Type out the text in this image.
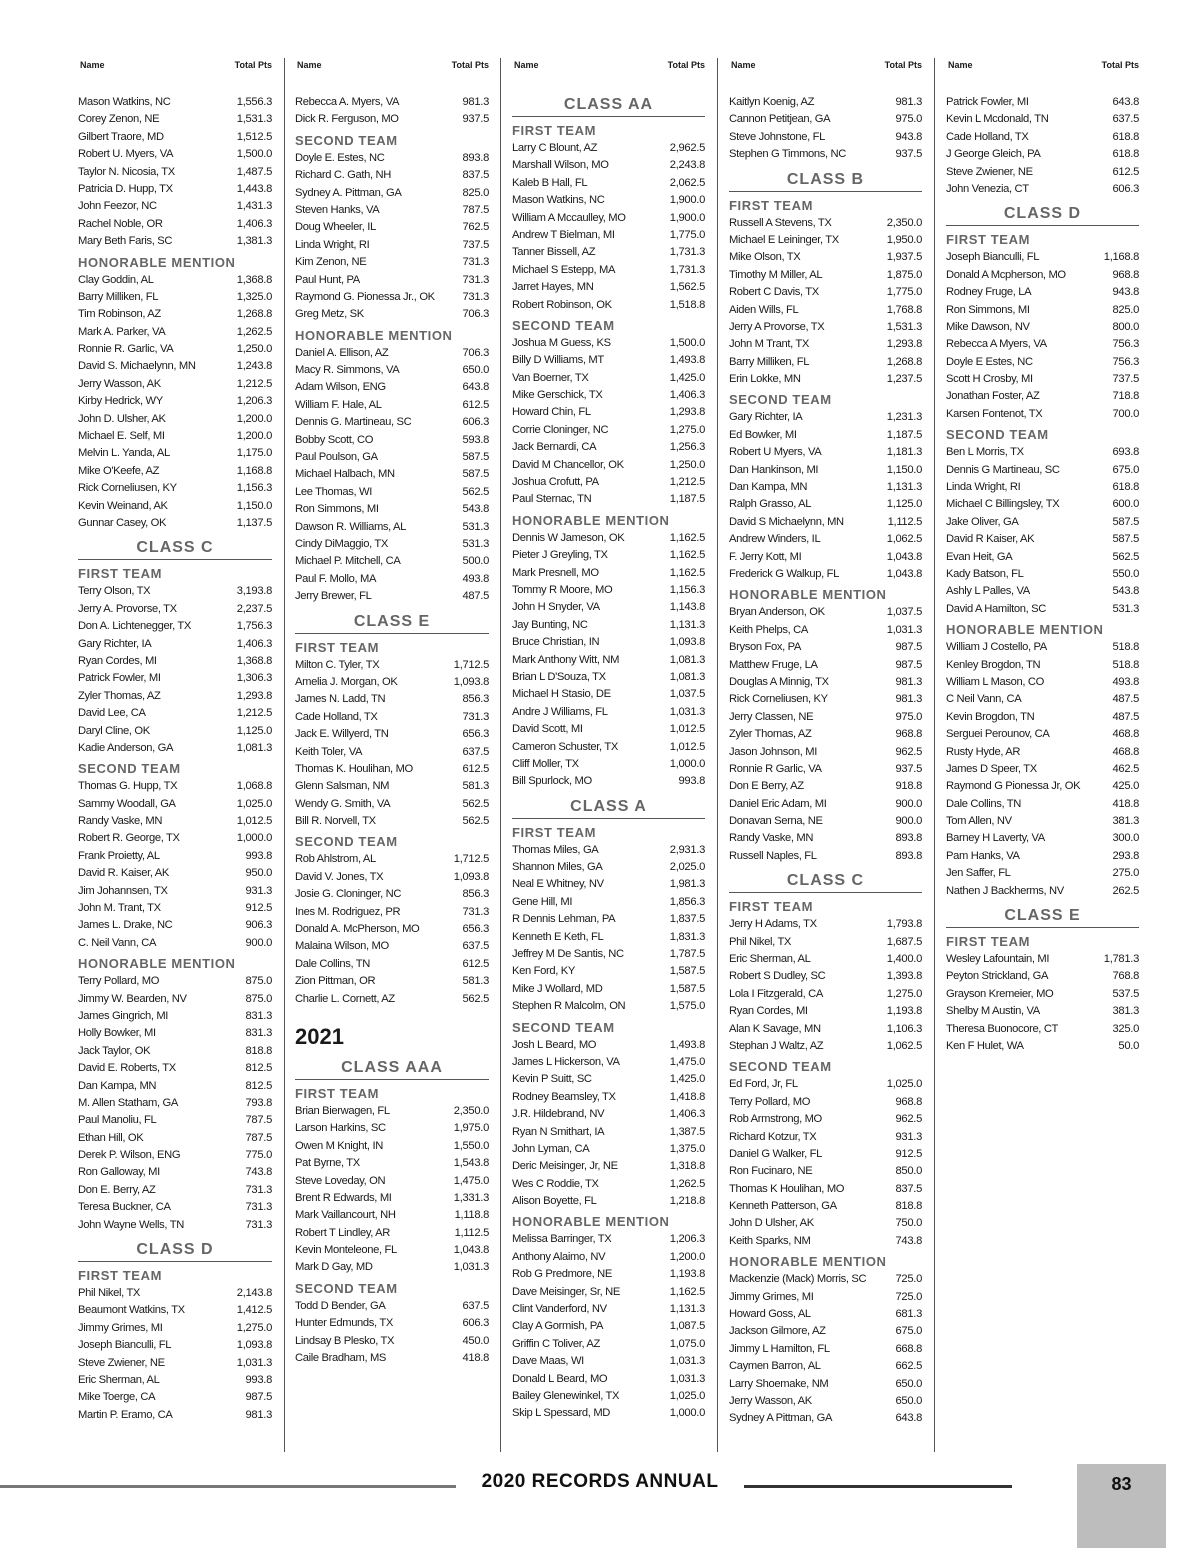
Name	Total Pts
Mason Watkins, NC	1,556.3
Corey Zenon, NE	1,531.3
Gilbert Traore, MD	1,512.5
Robert U. Myers, VA	1,500.0
Taylor N. Nicosia, TX	1,487.5
Patricia D. Hupp, TX	1,443.8
John Feezor, NC	1,431.3
Rachel Noble, OR	1,406.3
Mary Beth Faris, SC	1,381.3
HONORABLE MENTION
Clay Goddin, AL	1,368.8
Barry Milliken, FL	1,325.0
Tim Robinson, AZ	1,268.8
Mark A. Parker, VA	1,262.5
Ronnie R. Garlic, VA	1,250.0
David S. Michaelynn, MN	1,243.8
Jerry Wasson, AK	1,212.5
Kirby Hedrick, WY	1,206.3
John D. Ulsher, AK	1,200.0
Michael E. Self, MI	1,200.0
Melvin L. Yanda, AL	1,175.0
Mike O'Keefe, AZ	1,168.8
Rick Corneliusen, KY	1,156.3
Kevin Weinand, AK	1,150.0
Gunnar Casey, OK	1,137.5
CLASS C
FIRST TEAM
Terry Olson, TX	3,193.8
Jerry A. Provorse, TX	2,237.5
Don A. Lichtenegger, TX	1,756.3
Gary Richter, IA	1,406.3
Ryan Cordes, MI	1,368.8
Patrick Fowler, MI	1,306.3
Zyler Thomas, AZ	1,293.8
David Lee, CA	1,212.5
Daryl Cline, OK	1,125.0
Kadie Anderson, GA	1,081.3
SECOND TEAM
Thomas G. Hupp, TX	1,068.8
Sammy Woodall, GA	1,025.0
Randy Vaske, MN	1,012.5
Robert R. George, TX	1,000.0
Frank Proietty, AL	993.8
David R. Kaiser, AK	950.0
Jim Johannsen, TX	931.3
John M. Trant, TX	912.5
James L. Drake, NC	906.3
C. Neil Vann, CA	900.0
HONORABLE MENTION
Terry Pollard, MO	875.0
Jimmy W. Bearden, NV	875.0
James Gingrich, MI	831.3
Holly Bowker, MI	831.3
Jack Taylor, OK	818.8
David E. Roberts, TX	812.5
Dan Kampa, MN	812.5
M. Allen Statham, GA	793.8
Paul Manoliu, FL	787.5
Ethan Hill, OK	787.5
Derek P. Wilson, ENG	775.0
Ron Galloway, MI	743.8
Don E. Berry, AZ	731.3
Teresa Buckner, CA	731.3
John Wayne Wells, TN	731.3
CLASS D
FIRST TEAM
Phil Nikel, TX	2,143.8
Beaumont Watkins, TX	1,412.5
Jimmy Grimes, MI	1,275.0
Joseph Bianculli, FL	1,093.8
Steve Zwiener, NE	1,031.3
Eric Sherman, AL	993.8
Mike Toerge, CA	987.5
Martin P. Eramo, CA	981.3
Name	Total Pts
Rebecca A. Myers, VA	981.3
Dick R. Ferguson, MO	937.5
SECOND TEAM
Doyle E. Estes, NC	893.8
Richard C. Gath, NH	837.5
Sydney A. Pittman, GA	825.0
Steven Hanks, VA	787.5
Doug Wheeler, IL	762.5
Linda Wright, RI	737.5
Kim Zenon, NE	731.3
Paul Hunt, PA	731.3
Raymond G. Pionessa Jr., OK 731.3
Greg Metz, SK	706.3
HONORABLE MENTION
Daniel A. Ellison, AZ	706.3
Macy R. Simmons, VA	650.0
Adam Wilson, ENG	643.8
William F. Hale, AL	612.5
Dennis G. Martineau, SC	606.3
Bobby Scott, CO	593.8
Paul Poulson, GA	587.5
Michael Halbach, MN	587.5
Lee Thomas, WI	562.5
Ron Simmons, MI	543.8
Dawson R. Williams, AL	531.3
Cindy DiMaggio, TX	531.3
Michael P. Mitchell, CA	500.0
Paul F. Mollo, MA	493.8
Jerry Brewer, FL	487.5
CLASS E
FIRST TEAM
Milton C. Tyler, TX	1,712.5
Amelia J. Morgan, OK	1,093.8
James N. Ladd, TN	856.3
Cade Holland, TX	731.3
Jack E. Willyerd, TN	656.3
Keith Toler, VA	637.5
Thomas K. Houlihan, MO	612.5
Glenn Salsman, NM	581.3
Wendy G. Smith, VA	562.5
Bill R. Norvell, TX	562.5
SECOND TEAM
Rob Ahlstrom, AL	1,712.5
David V. Jones, TX	1,093.8
Josie G. Cloninger, NC	856.3
Ines M. Rodriguez, PR	731.3
Donald A. McPherson, MO	656.3
Malaina Wilson, MO	637.5
Dale Collins, TN	612.5
Zion Pittman, OR	581.3
Charlie L. Cornett, AZ	562.5
2021
CLASS AAA
FIRST TEAM
Brian Bierwagen, FL	2,350.0
Larson Harkins, SC	1,975.0
Owen M Knight, IN	1,550.0
Pat Byrne, TX	1,543.8
Steve Loveday, ON	1,475.0
Brent R Edwards, MI	1,331.3
Mark Vaillancourt, NH	1,118.8
Robert T Lindley, AR	1,112.5
Kevin Monteleone, FL	1,043.8
Mark D Gay, MD	1,031.3
SECOND TEAM
Todd D Bender, GA	637.5
Hunter Edmunds, TX	606.3
Lindsay B Plesko, TX	450.0
Caile Bradham, MS	418.8
Name	Total Pts
CLASS AA
FIRST TEAM
Larry C Blount, AZ	2,962.5
Marshall Wilson, MO	2,243.8
Kaleb B Hall, FL	2,062.5
Mason Watkins, NC	1,900.0
William A Mccaulley, MO	1,900.0
Andrew T Bielman, MI	1,775.0
Tanner Bissell, AZ	1,731.3
Michael S Estepp, MA	1,731.3
Jarret Hayes, MN	1,562.5
Robert Robinson, OK	1,518.8
SECOND TEAM
Joshua M Guess, KS	1,500.0
Billy D Williams, MT	1,493.8
Van Boerner, TX	1,425.0
Mike Gerschick, TX	1,406.3
Howard Chin, FL	1,293.8
Corrie Cloninger, NC	1,275.0
Jack Bernardi, CA	1,256.3
David M Chancellor, OK	1,250.0
Joshua Crofutt, PA	1,212.5
Paul Sternac, TN	1,187.5
HONORABLE MENTION
Dennis W Jameson, OK	1,162.5
Pieter J Greyling, TX	1,162.5
Mark Presnell, MO	1,162.5
Tommy R Moore, MO	1,156.3
John H Snyder, VA	1,143.8
Jay Bunting, NC	1,131.3
Bruce Christian, IN	1,093.8
Mark Anthony Witt, NM	1,081.3
Brian L D'Souza, TX	1,081.3
Michael H Stasio, DE	1,037.5
Andre J Williams, FL	1,031.3
David Scott, MI	1,012.5
Cameron Schuster, TX	1,012.5
Cliff Moller, TX	1,000.0
Bill Spurlock, MO	993.8
CLASS A
FIRST TEAM
Thomas Miles, GA	2,931.3
Shannon Miles, GA	2,025.0
Neal E Whitney, NV	1,981.3
Gene Hill, MI	1,856.3
R Dennis Lehman, PA	1,837.5
Kenneth E Keth, FL	1,831.3
Jeffrey M De Santis, NC	1,787.5
Ken Ford, KY	1,587.5
Mike J Wollard, MD	1,587.5
Stephen R Malcolm, ON	1,575.0
SECOND TEAM
Josh L Beard, MO	1,493.8
James L Hickerson, VA	1,475.0
Kevin P Suitt, SC	1,425.0
Rodney Beamsley, TX	1,418.8
J.R. Hildebrand, NV	1,406.3
Ryan N Smithart, IA	1,387.5
John Lyman, CA	1,375.0
Deric Meisinger, Jr, NE	1,318.8
Wes C Roddie, TX	1,262.5
Alison Boyette, FL	1,218.8
HONORABLE MENTION
Melissa Barringer, TX	1,206.3
Anthony Alaimo, NV	1,200.0
Rob G Predmore, NE	1,193.8
Dave Meisinger, Sr, NE	1,162.5
Clint Vanderford, NV	1,131.3
Clay A Gormish, PA	1,087.5
Griffin C Toliver, AZ	1,075.0
Dave Maas, WI	1,031.3
Donald L Beard, MO	1,031.3
Bailey Glenewinkel, TX	1,025.0
Skip L Spessard, MD	1,000.0
Name	Total Pts
Kaitlyn Koenig, AZ	981.3
Cannon Petitjean, GA	975.0
Steve Johnstone, FL	943.8
Stephen G Timmons, NC	937.5
CLASS B
FIRST TEAM
Russell A Stevens, TX	2,350.0
Michael E Leininger, TX	1,950.0
Mike Olson, TX	1,937.5
Timothy M Miller, AL	1,875.0
Robert C Davis, TX	1,775.0
Aiden Wills, FL	1,768.8
Jerry A Provorse, TX	1,531.3
John M Trant, TX	1,293.8
Barry Milliken, FL	1,268.8
Erin Lokke, MN	1,237.5
SECOND TEAM
Gary Richter, IA	1,231.3
Ed Bowker, MI	1,187.5
Robert U Myers, VA	1,181.3
Dan Hankinson, MI	1,150.0
Dan Kampa, MN	1,131.3
Ralph Grasso, AL	1,125.0
David S Michaelynn, MN	1,112.5
Andrew Winders, IL	1,062.5
F. Jerry Kott, MI	1,043.8
Frederick G Walkup, FL	1,043.8
HONORABLE MENTION
Bryan Anderson, OK	1,037.5
Keith Phelps, CA	1,031.3
Bryson Fox, PA	987.5
Matthew Fruge, LA	987.5
Douglas A Minnig, TX	981.3
Rick Corneliusen, KY	981.3
Jerry Classen, NE	975.0
Zyler Thomas, AZ	968.8
Jason Johnson, MI	962.5
Ronnie R Garlic, VA	937.5
Don E Berry, AZ	918.8
Daniel Eric Adam, MI	900.0
Donavan Serna, NE	900.0
Randy Vaske, MN	893.8
Russell Naples, FL	893.8
CLASS C
FIRST TEAM
Jerry H Adams, TX	1,793.8
Phil Nikel, TX	1,687.5
Eric Sherman, AL	1,400.0
Robert S Dudley, SC	1,393.8
Lola I Fitzgerald, CA	1,275.0
Ryan Cordes, MI	1,193.8
Alan K Savage, MN	1,106.3
Stephan J Waltz, AZ	1,062.5
SECOND TEAM
Ed Ford, Jr, FL	1,025.0
Terry Pollard, MO	968.8
Rob Armstrong, MO	962.5
Richard Kotzur, TX	931.3
Daniel G Walker, FL	912.5
Ron Fucinaro, NE	850.0
Thomas K Houlihan, MO	837.5
Kenneth Patterson, GA	818.8
John D Ulsher, AK	750.0
Keith Sparks, NM	743.8
HONORABLE MENTION
Mackenzie (Mack) Morris, SC	725.0
Jimmy Grimes, MI	725.0
Howard Goss, AL	681.3
Jackson Gilmore, AZ	675.0
Jimmy L Hamilton, FL	668.8
Caymen Barron, AL	662.5
Larry Shoemake, NM	650.0
Jerry Wasson, AK	650.0
Sydney A Pittman, GA	643.8
Name	Total Pts
Patrick Fowler, MI	643.8
Kevin L Mcdonald, TN	637.5
Cade Holland, TX	618.8
J George Gleich, PA	618.8
Steve Zwiener, NE	612.5
John Venezia, CT	606.3
CLASS D
FIRST TEAM
Joseph Bianculli, FL	1,168.8
Donald A Mcpherson, MO	968.8
Rodney Fruge, LA	943.8
Ron Simmons, MI	825.0
Mike Dawson, NV	800.0
Rebecca A Myers, VA	756.3
Doyle E Estes, NC	756.3
Scott H Crosby, MI	737.5
Jonathan Foster, AZ	718.8
Karsen Fontenot, TX	700.0
SECOND TEAM
Ben L Morris, TX	693.8
Dennis G Martineau, SC	675.0
Linda Wright, RI	618.8
Michael C Billingsley, TX	600.0
Jake Oliver, GA	587.5
David R Kaiser, AK	587.5
Evan Heit, GA	562.5
Kady Batson, FL	550.0
Ashly L Palles, VA	543.8
David A Hamilton, SC	531.3
HONORABLE MENTION
William J Costello, PA	518.8
Kenley Brogdon, TN	518.8
William L Mason, CO	493.8
C Neil Vann, CA	487.5
Kevin Brogdon, TN	487.5
Serguei Perounov, CA	468.8
Rusty Hyde, AR	468.8
James D Speer, TX	462.5
Raymond G Pionessa Jr, OK	425.0
Dale Collins, TN	418.8
Tom Allen, NV	381.3
Barney H Laverty, VA	300.0
Pam Hanks, VA	293.8
Jen Saffer, FL	275.0
Nathen J Backherms, NV	262.5
CLASS E
FIRST TEAM
Wesley Lafountain, MI	1,781.3
Peyton Strickland, GA	768.8
Grayson Kremeier, MO	537.5
Shelby M Austin, VA	381.3
Theresa Buonocore, CT	325.0
Ken F Hulet, WA	50.0
2020 RECORDS ANNUAL	83
